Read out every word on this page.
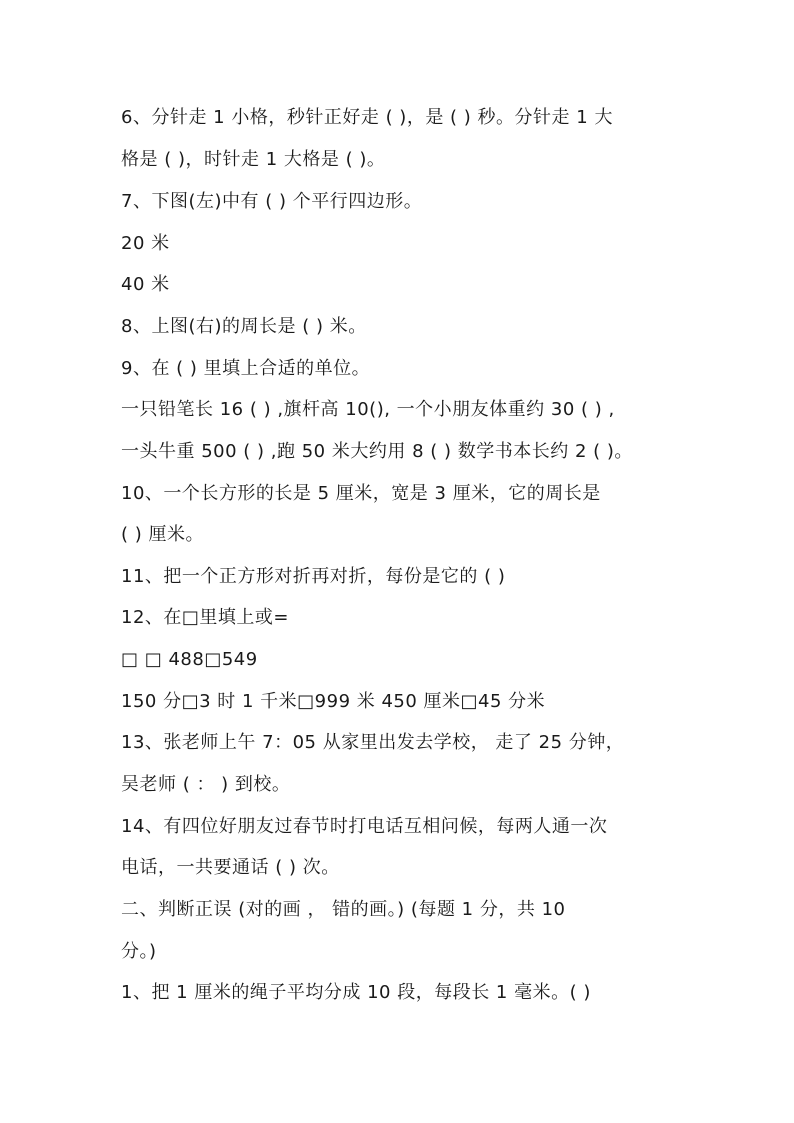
6、分针走 1 小格，秒针正好走 ( )，是 ( ) 秒。分针走 1 大
格是 ( )，时针走 1 大格是 ( )。
7、下图(左)中有 ( ) 个平行四边形。
20 米
40 米
8、上图(右)的周长是 ( ) 米。
9、在 ( ) 里填上合适的单位。
一只铅笔长 16 ( ) ,旗杆高 10(), 一个小朋友体重约 30 ( ) ,
一头牛重 500 ( ) ,跑 50 米大约用 8 ( ) 数学书本长约 2 ( )。
10、一个长方形的长是 5 厘米，宽是 3 厘米，它的周长是
( ) 厘米。
11、把一个正方形对折再对折，每份是它的 ( )
12、在□里填上或=
□ □ 488□549
150 分□3 时 1 千米□999 米 450 厘米□45 分米
13、张老师上午 7：05 从家里出发去学校， 走了 25 分钟，
吴老师 ( ： ) 到校。
14、有四位好朋友过春节时打电话互相问候，每两人通一次
电话，一共要通话 ( ) 次。
二、判断正误 (对的画 ， 错的画。) (每题 1 分，共 10
分。)
1、把 1 厘米的绳子平均分成 10 段，每段长 1 毫米。( )
